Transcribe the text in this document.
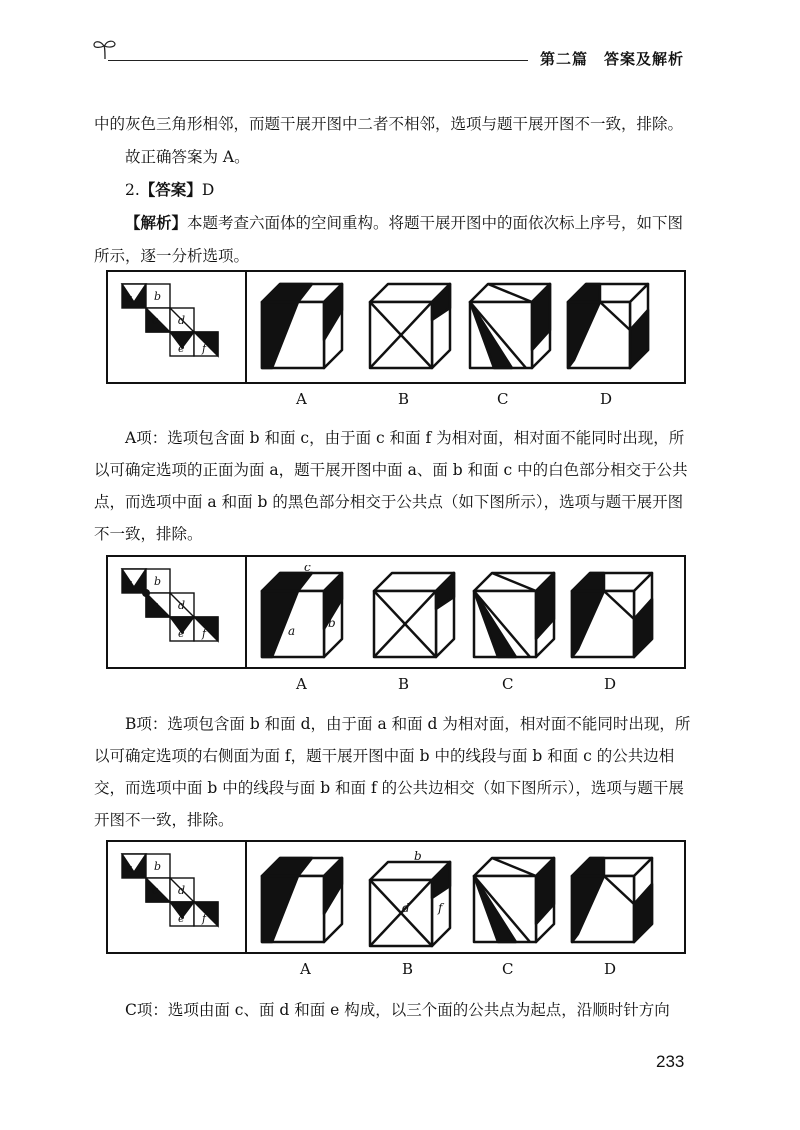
第二篇　答案及解析

中的灰色三角形相邻，而题干展开图中二者不相邻，选项与题干展开图不一致，排除。

故正确答案为 A。

2.【答案】D

【解析】本题考查六面体的空间重构。将题干展开图中的面依次标上序号，如下图所示，逐一分析选项。

a b
c d
e f
A	B	C	D

A项：选项包含面 b 和面 c，由于面 c 和面 f 为相对面，相对面不能同时出现，所以可确定选项的正面为面 a，题干展开图中面 a、面 b 和面 c 中的白色部分相交于公共点，而选项中面 a 和面 b 的黑色部分相交于公共点（如下图所示），选项与题干展开图不一致，排除。

a b
c d
e f
c
a
b
A	B	C	D

B项：选项包含面 b 和面 d，由于面 a 和面 d 为相对面，相对面不能同时出现，所以可确定选项的右侧面为面 f，题干展开图中面 b 中的线段与面 b 和面 c 的公共边相交，而选项中面 b 中的线段与面 b 和面 f 的公共边相交（如下图所示），选项与题干展开图不一致，排除。

a b
c d
e f
b
d f
A	B	C	D

C项：选项由面 c、面 d 和面 e 构成，以三个面的公共点为起点，沿顺时针方向

233
